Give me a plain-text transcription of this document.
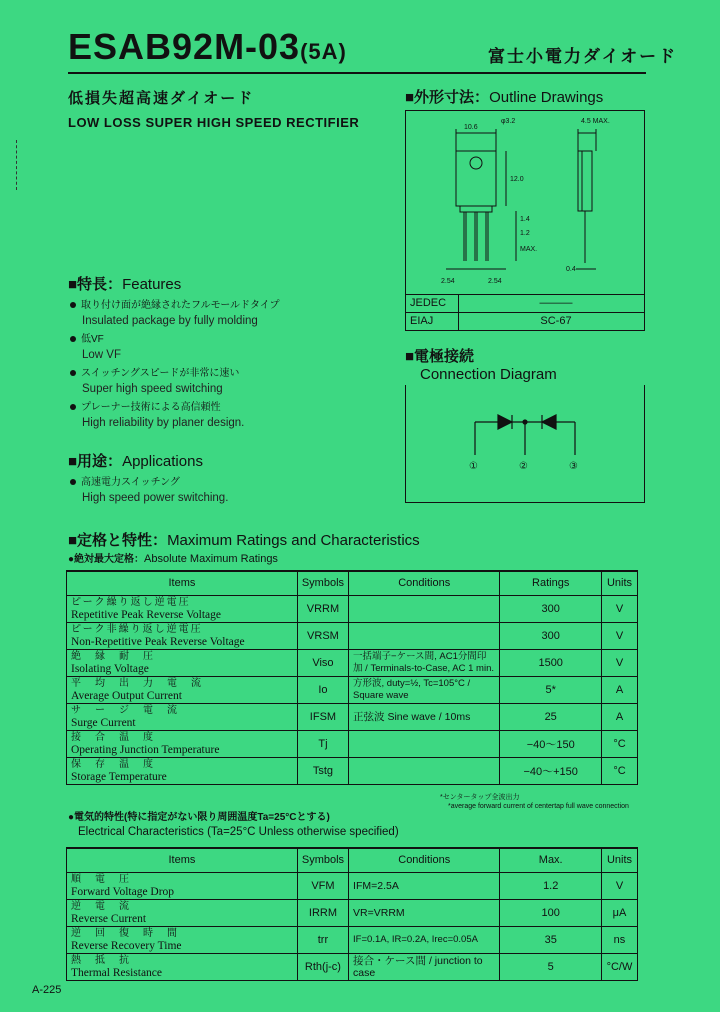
ESAB92M-03(5A)	富士小電力ダイオード
低損失超高速ダイオード
LOW LOSS SUPER HIGH SPEED RECTIFIER
■外形寸法：Outline Drawings
10.6
4.5 MAX.
12.0
φ3.2
1.2
2.54	2.54
0.4
1.4
MAX.
JEDEC	———
EIAJ	SC-67
■電極接続
Connection Diagram
①	②	③
■特長：Features
取り付け面が絶縁されたフルモールドタイプ
Insulated package by fully molding
低VF
Low VF
スイッチングスピードが非常に速い
Super high speed switching
プレーナー技術による高信頼性
High reliability by planer design.
■用途：Applications
高速電力スイッチング
High speed power switching.
■定格と特性：Maximum Ratings and Characteristics
●絶対最大定格：Absolute Maximum Ratings
Items	Symbols	Conditions	Ratings	Units

ピーク繰り返し逆電圧
Repetitive Peak Reverse Voltage	VRRM		300	V

ピーク非繰り返し逆電圧
Non-Repetitive Peak Reverse Voltage	VRSM		300	V

絶　縁　耐　圧
Isolating Voltage	Viso	一括端子−ケース間, AC1分間印加 / Terminals-to-Case, AC 1 min.	1500	V

平　均　出　力　電　流
Average Output Current	Io	方形波, duty=½, Tc=105°C / Square wave	5*	A

サ　ー　ジ　電　流
Surge Current	IFSM	正弦波 Sine wave / 10ms	25	A

接　合　温　度
Operating Junction Temperature	Tj		−40～150	°C

保　存　温　度
Storage Temperature	Tstg		−40～+150	°C
*センタータップ全波出力
*average forward current of centertap full wave connection
●電気的特性(特に指定がない限り周囲温度Ta=25°Cとする)
Electrical Characteristics (Ta=25°C Unless otherwise specified)
Items	Symbols	Conditions	Max.	Units

順　電　圧
Forward Voltage Drop	VFM	IFM=2.5A	1.2	V

逆　電　流
Reverse Current	IRRM	VR=VRRM	100	μA

逆　回　復　時　間
Reverse Recovery Time	trr	IF=0.1A, IR=0.2A, Irec=0.05A	35	ns

熱　抵　抗
Thermal Resistance	Rth(j-c)	接合・ケース間 / junction to case	5	°C/W
A-225
